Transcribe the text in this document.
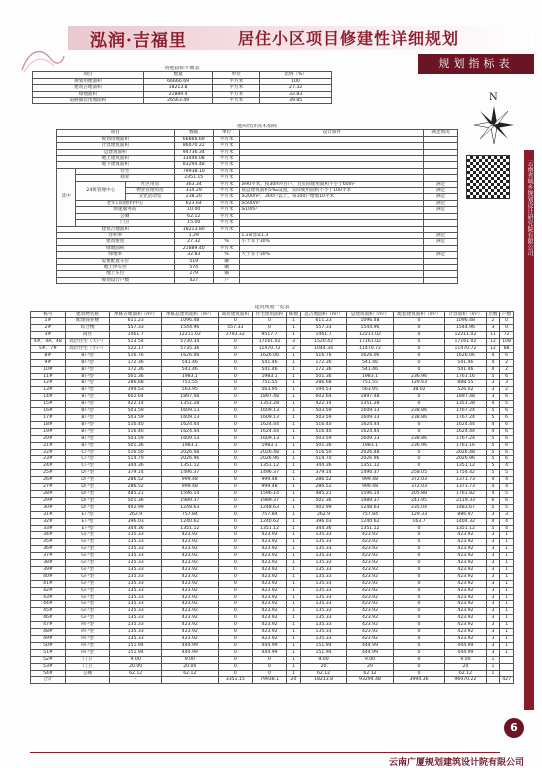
泓润·吉福里	居住小区项目修建性详细规划
规划指标表
N
云南省城乡规划设计研究院有限公司
用地指标平衡表			
项目	数量	单位	比例（%）
规划用地面积	66666.69	平方米	100
建筑占地面积	18213.8	平方米	27.32
绿地面积	21889.4	平方米	32.83
道路铺装用地面积	26563.49	平方米	39.85
地块经济技术指标						
项目			数据	单位	设计条件	满足情况
规划用地面积			66666.69	平方米		
计容建筑面积			86070.22	平方米		
总建筑面积			94736.34	平方米		
地上建筑面积			13446.08	平方米		
地下建筑面积			83294.48	平方米		
其中	住宅		79938.10	平方米		
	商业		2351.15	平方米		
	24班管理中心	社区用房	363.34	平方米	≥90平米，按30m²/百户，且实际使用面积不小于60m²	满足
		物业管理用房	314.29	平方米	按总建筑面积5‰设置，实际使用面积不小于100平米	满足
		文化活动室	238.20	平方米	≥200m²，300户以上，每100户增加10平米	满足
	老年日间照料中心		623.64	平方米	≥500m²	满足
	快递服务站		10.00	平方米	≥10m²	满足
	公厕		62.12	平方米		
	门卫		15.00	平方米		
建筑占地面积			18213.80	平方米		
容积率			1.29		1.2≤容≤1.3	满足
建筑密度			27.32	%	小于等于30%	满足
绿地面积			21889.40	平方米		
绿地率			32.83	%	大于等于30%	满足
需要配置车位			519	辆		
地上停车位			574	辆		
地上车位			279	辆		
规划设计户数			427	户		
建筑规划一览表												
栋号	建筑物名称	单栋占地面积（m²）	单栋总建筑面积（m²）	商业建筑面积	住宅建筑面积	栋数	总占地面积（m²）	总建筑面积（m²）	配套建筑面积（m²）	计容面积（m²）	层数	户数
1#	配建商业楼	611.23	1096.48	0	0	1	611.23	1096.48	0	1096.48	2	0
2#	综合楼	557.33	1544.96	557.33	0	1	557.33	1544.96	0	1544.96	3	0
3#	商住	1461.7	12211.02	2793.32	9517.7	1	1461.7	12211.02	0	12211.02	11	72
4#、4A、4B	高层住宅（大户）	513.54	5730.34	0	17161.02	3	1520.42	17161.02	0	17161.02	12	108
5#、7#	高层住宅（小户）	522.17	5735.36	0	11470.72	2	1044.34	11470.72	0	11470.72	12	88
8#	B户型	516.76	1626.06	0	1626.06	1	516.76	1626.06	0	1626.06	4	6
9#	B户型	172.36	541.46	0	541.46	1	172.36	541.46	0	541.46	4	2
10#	B户型	172.36	541.46	0	541.46	1	172.36	541.46	0	541.46	4	2
11#	B户型	501.36	1983.1	0	1983.1	1	501.36	1983.1	236.96	1761.16	5	6
12#	B户型	286.68	751.55	0	751.55	1	286.68	751.55	129.63	888.55	3	3
13#	B户型	194.53	563.95	0	563.95	1	194.53	563.95	38.02	526.02	3	2
14#	B户型	602.64	1897.48	0	1897.48	1	602.64	1897.48	0	1897.48	3	6
15#	B户型	422.14	1351.28	0	1351.28	1	422.14	1351.28	0	1351.28	4	5
16#	B户型	503.59	1609.13	0	1609.13	1	503.59	1609.13	238.86	1767.24	5	6
17#	B户型	503.59	1609.13	0	1609.13	1	503.59	1609.13	238.86	1767.24	5	6
18#	B户型	516.40	1624.44	0	1624.44	1	516.40	1624.44	0	1624.44	4	6
19#	B户型	516.40	1624.44	0	1624.44	1	516.40	1624.44	0	1624.44	4	6
20#	B户型	503.59	1609.13	0	1609.13	1	503.59	1609.13	238.86	1767.24	5	6
21#	B户型	501.36	1983.1	0	1983.1	1	501.36	1983.1	236.96	1761.16	5	6
22#	C户型	516.50	2026.48	0	2026.48	1	516.50	2026.48	0	2026.48	5	6
23#	C户型	514.70	2026.96	0	2026.96	1	514.70	2026.96	0	2026.96	5	6
24#	C户型	344.36	1351.12	0	1351.12	1	344.36	1351.12	0	1351.12	5	4
25#	D户型	379.14	1496.37	0	1496.37	1	379.14	1496.37	258.05	1754.42	5	5
26#	D户型	286.52	999.48	0	999.48	1	286.52	999.48	372.03	1371.73	4	4
27#	D户型	286.52	999.48	0	999.48	1	286.52	999.48	372.03	1371.73	4	4
28#	D户型	485.21	1596.14	0	1596.14	1	485.21	1596.14	205.88	1761.82	4	5
29#	D户型	501.36	1989.37	0	1989.37	1	501.36	1989.37	241.95	2119.33	6	6
30#	D户型	402.99	1248.63	0	1248.63	1	402.99	1248.63	235.04	1483.67	5	5
31#	E户型	262.9	757.84	0	757.84	1	262.9	757.84	129.33	886.97	3	3
32#	E户型	396.03	1240.62	0	1240.62	1	396.03	1240.62	163.7	1404.32	4	4
33#	E户型	344.36	1351.12	0	1351.12	1	344.36	1351.12	0	1351.12	5	4
34#	G户型	135.33	423.92	0	423.92	1	135.33	423.92	0	423.92	3	1
35#	G户型	135.33	423.92	0	423.92	1	135.33	423.92	0	423.92	3	1
36#	G户型	135.33	423.92	0	423.92	1	135.33	423.92	0	423.92	3	1
37#	G户型	135.33	423.92	0	423.92	1	135.33	423.92	0	423.92	3	1
38#	G户型	135.33	423.92	0	423.92	1	135.33	423.92	0	423.92	3	1
39#	G户型	135.33	423.92	0	423.92	1	135.33	423.92	0	423.92	3	1
40#	G户型	135.33	423.92	0	423.92	1	135.33	423.92	0	423.92	3	1
41#	G户型	135.33	423.92	0	423.92	1	135.33	423.92	0	423.92	3	1
42#	G户型	135.33	423.92	0	423.92	1	135.33	423.92	0	423.92	3	1
43#	G户型	135.33	423.92	0	423.92	1	135.33	423.92	0	423.92	3	1
44#	G户型	135.33	423.92	0	423.92	1	135.33	423.92	0	423.92	3	1
45#	G户型	135.33	423.92	0	423.92	1	135.33	423.92	0	423.92	3	1
46#	G户型	135.33	423.92	0	423.92	1	135.33	423.92	0	423.92	3	1
47#	H户型	135.33	423.92	0	423.92	1	135.33	423.92	0	423.92	3	1
48#	H户型	135.33	423.92	0	423.92	1	135.33	423.92	0	423.92	3	1
49#	H户型	135.33	423.92	0	423.92	1	135.33	423.92	0	423.92	3	1
50#	H户型	151.94	444.99	0	444.99	1	151.94	444.99	0	444.99	3	1
51#	H户型	151.94	444.99	0	444.99	1	151.94	444.99	0	444.99	3	1
52#	门卫	9.00	9.00	0	0	1	9.00	9.00	0	9.00	1	
53#	门卫	20.00	20.00	0	0	1	20	20	0	20	1	
54#	公厕	62.12	62.12	0	0	1	62.12	62.12	0	62.12	1	
合计		-	-	3351.15	79938.1	20	18213.8	93294.48	3994.36	96070.22		427
6
云南广厦规划建筑设计院有限公司
